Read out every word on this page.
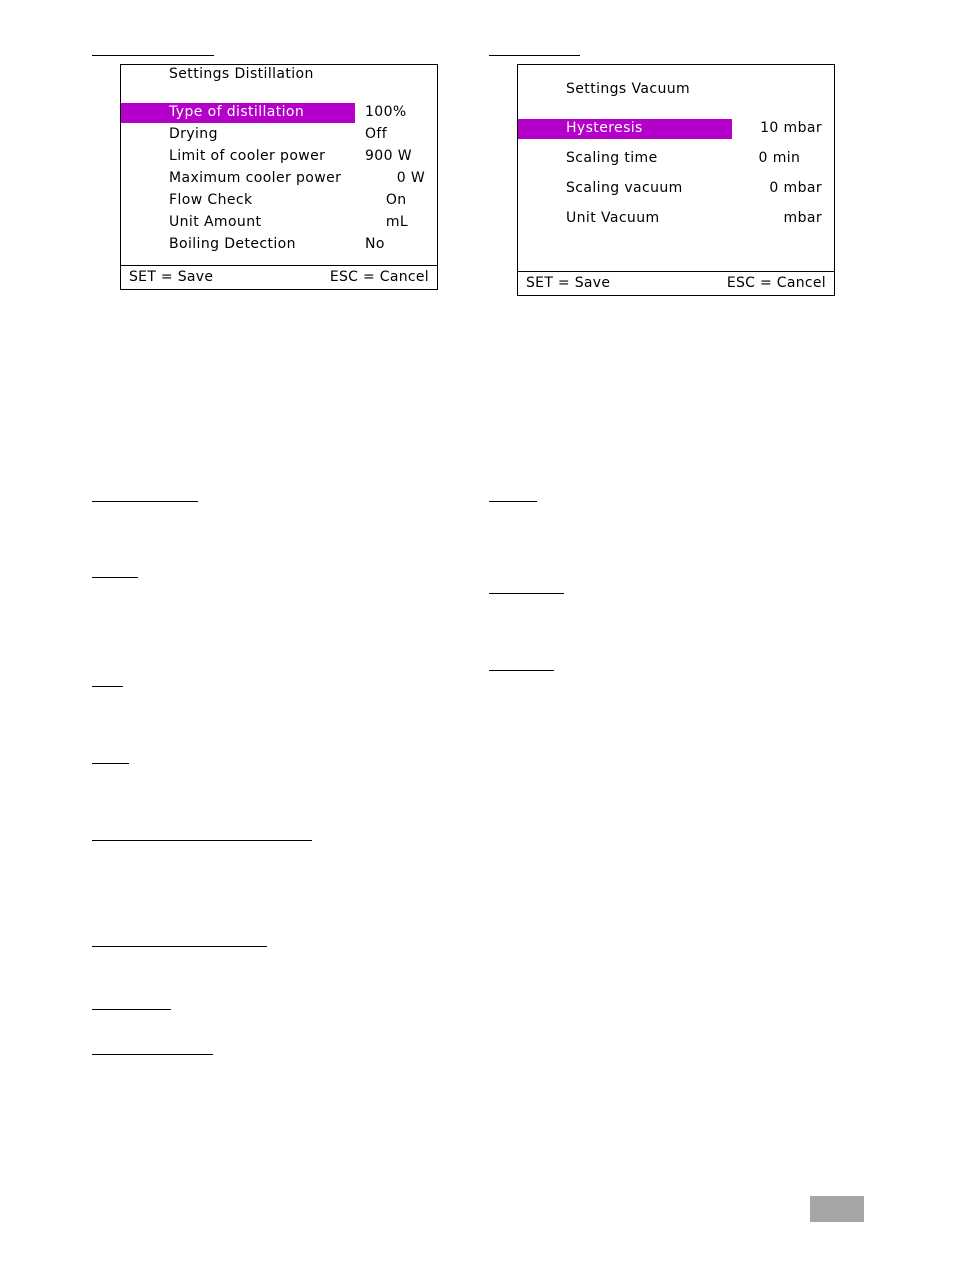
Settings Distillation
Type of distillation	100%
Drying	Off
Limit of cooler power	900 W
Maximum cooler power	0 W
Flow Check	On
Unit Amount	mL
Boiling Detection	No
SET = Save	ESC = Cancel
Settings Vacuum
Hysteresis	10 mbar
Scaling time	0 min
Scaling vacuum	0 mbar
Unit Vacuum	mbar
SET = Save	ESC = Cancel
